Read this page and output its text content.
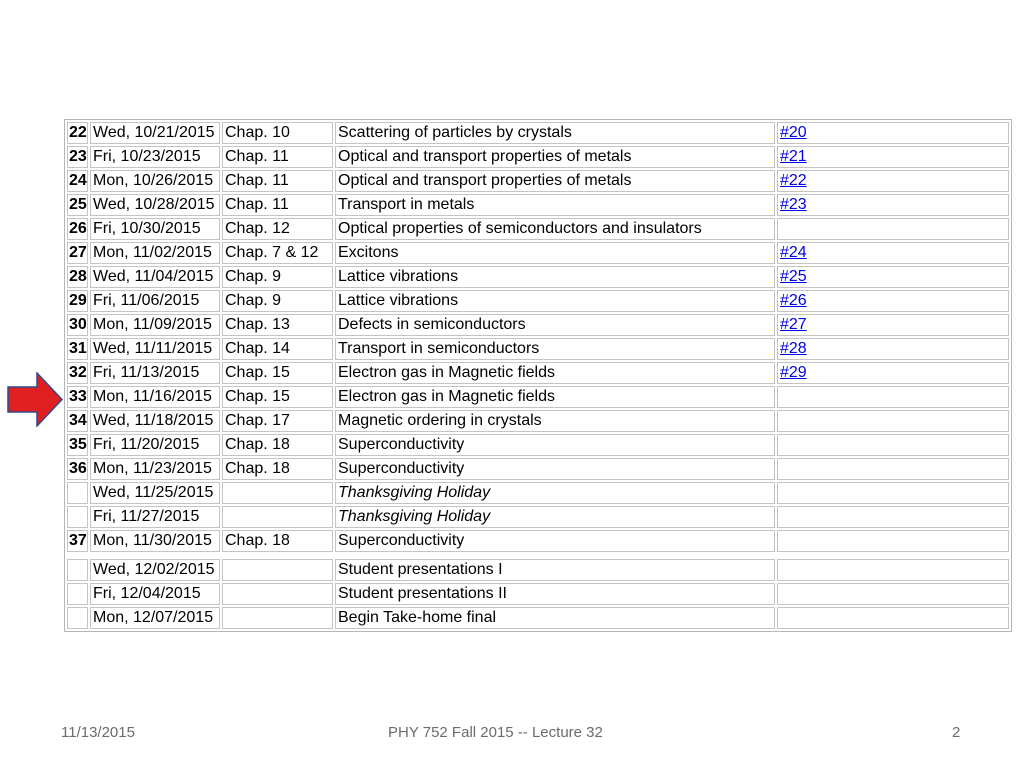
22	Wed, 10/21/2015	Chap. 10	Scattering of particles by crystals	#20
23	Fri, 10/23/2015	Chap. 11	Optical and transport properties of metals	#21
24	Mon, 10/26/2015	Chap. 11	Optical and transport properties of metals	#22
25	Wed, 10/28/2015	Chap. 11	Transport in metals	#23
26	Fri, 10/30/2015	Chap. 12	Optical properties of semiconductors and insulators	
27	Mon, 11/02/2015	Chap. 7 & 12	Excitons	#24
28	Wed, 11/04/2015	Chap. 9	Lattice vibrations	#25
29	Fri, 11/06/2015	Chap. 9	Lattice vibrations	#26
30	Mon, 11/09/2015	Chap. 13	Defects in semiconductors	#27
31	Wed, 11/11/2015	Chap. 14	Transport in semiconductors	#28
32	Fri, 11/13/2015	Chap. 15	Electron gas in Magnetic fields	#29
33	Mon, 11/16/2015	Chap. 15	Electron gas in Magnetic fields	
34	Wed, 11/18/2015	Chap. 17	Magnetic ordering in crystals	
35	Fri, 11/20/2015	Chap. 18	Superconductivity	
36	Mon, 11/23/2015	Chap. 18	Superconductivity	
	Wed, 11/25/2015		Thanksgiving Holiday	
	Fri, 11/27/2015		Thanksgiving Holiday	
37	Mon, 11/30/2015	Chap. 18	Superconductivity	

	Wed, 12/02/2015		Student presentations I	
	Fri, 12/04/2015		Student presentations II	
	Mon, 12/07/2015		Begin Take-home final	
11/13/2015	PHY 752 Fall 2015 -- Lecture 32	2
